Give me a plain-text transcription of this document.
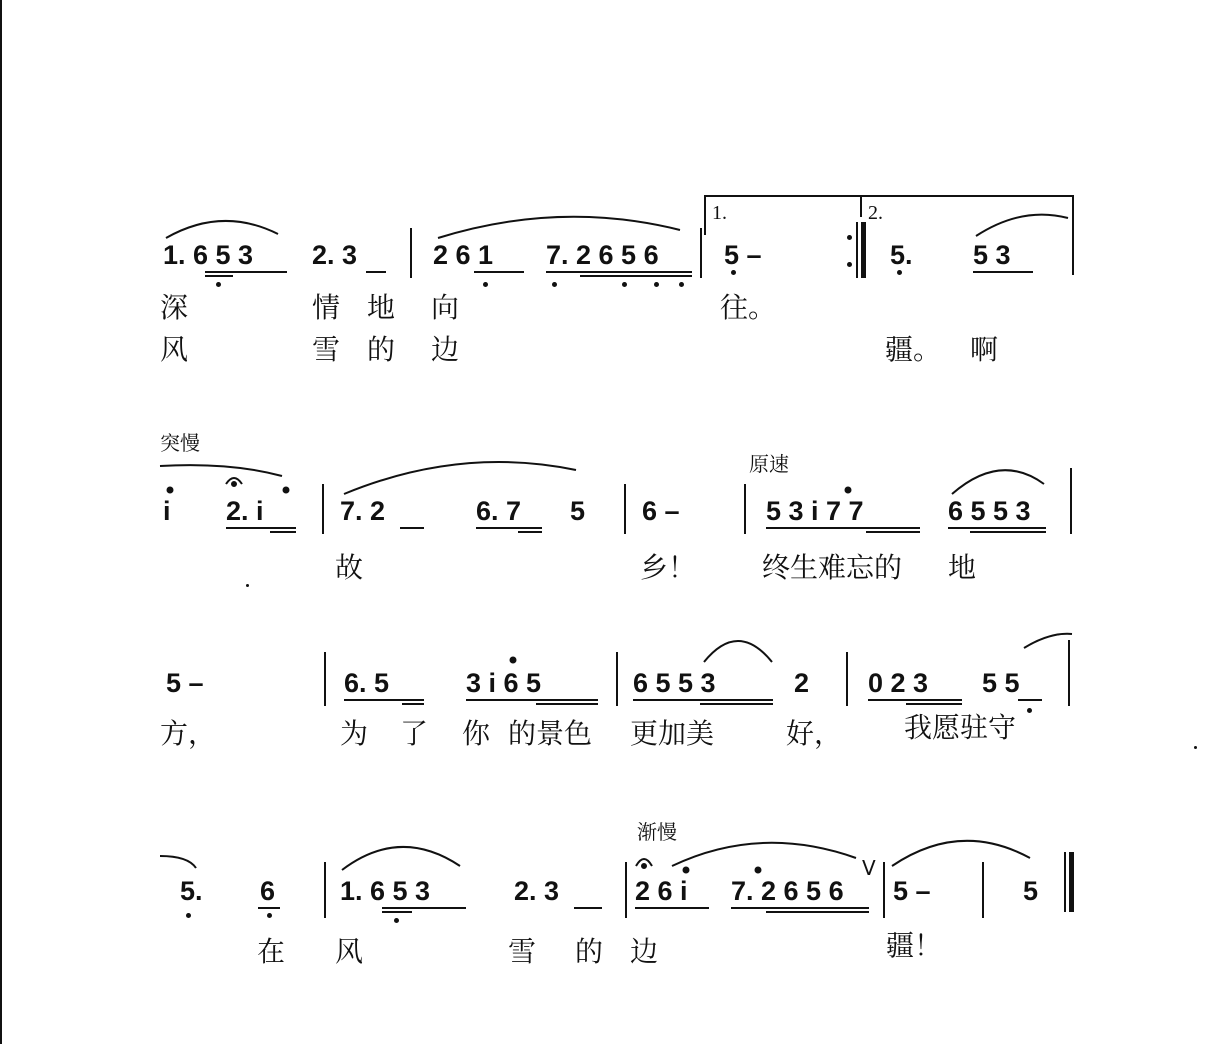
1.	2.
1. 6 5 3 2. 3	2 6 1 7. 2 6 5 6 5 –	5. 5 3
深	情 地 向	往。
风	雪 的 边	疆。 啊
突慢
原速
i 2. i	7. 2	6. 7 5 6 –	5 3 i 7 7	6 5 5 3
故	乡！ 终生难忘的 地
5 –	6. 5	3 i 6 5	6 5 5 3	2 0 2 3 5 5
方，	为 了 你 的景色 更加美	好， 我愿驻守
渐慢
5. 6 1. 6 5 3	2. 3	2 6 i 7. 2 6 5 6
V
5 –	5
在 风	雪 的 边	疆！
